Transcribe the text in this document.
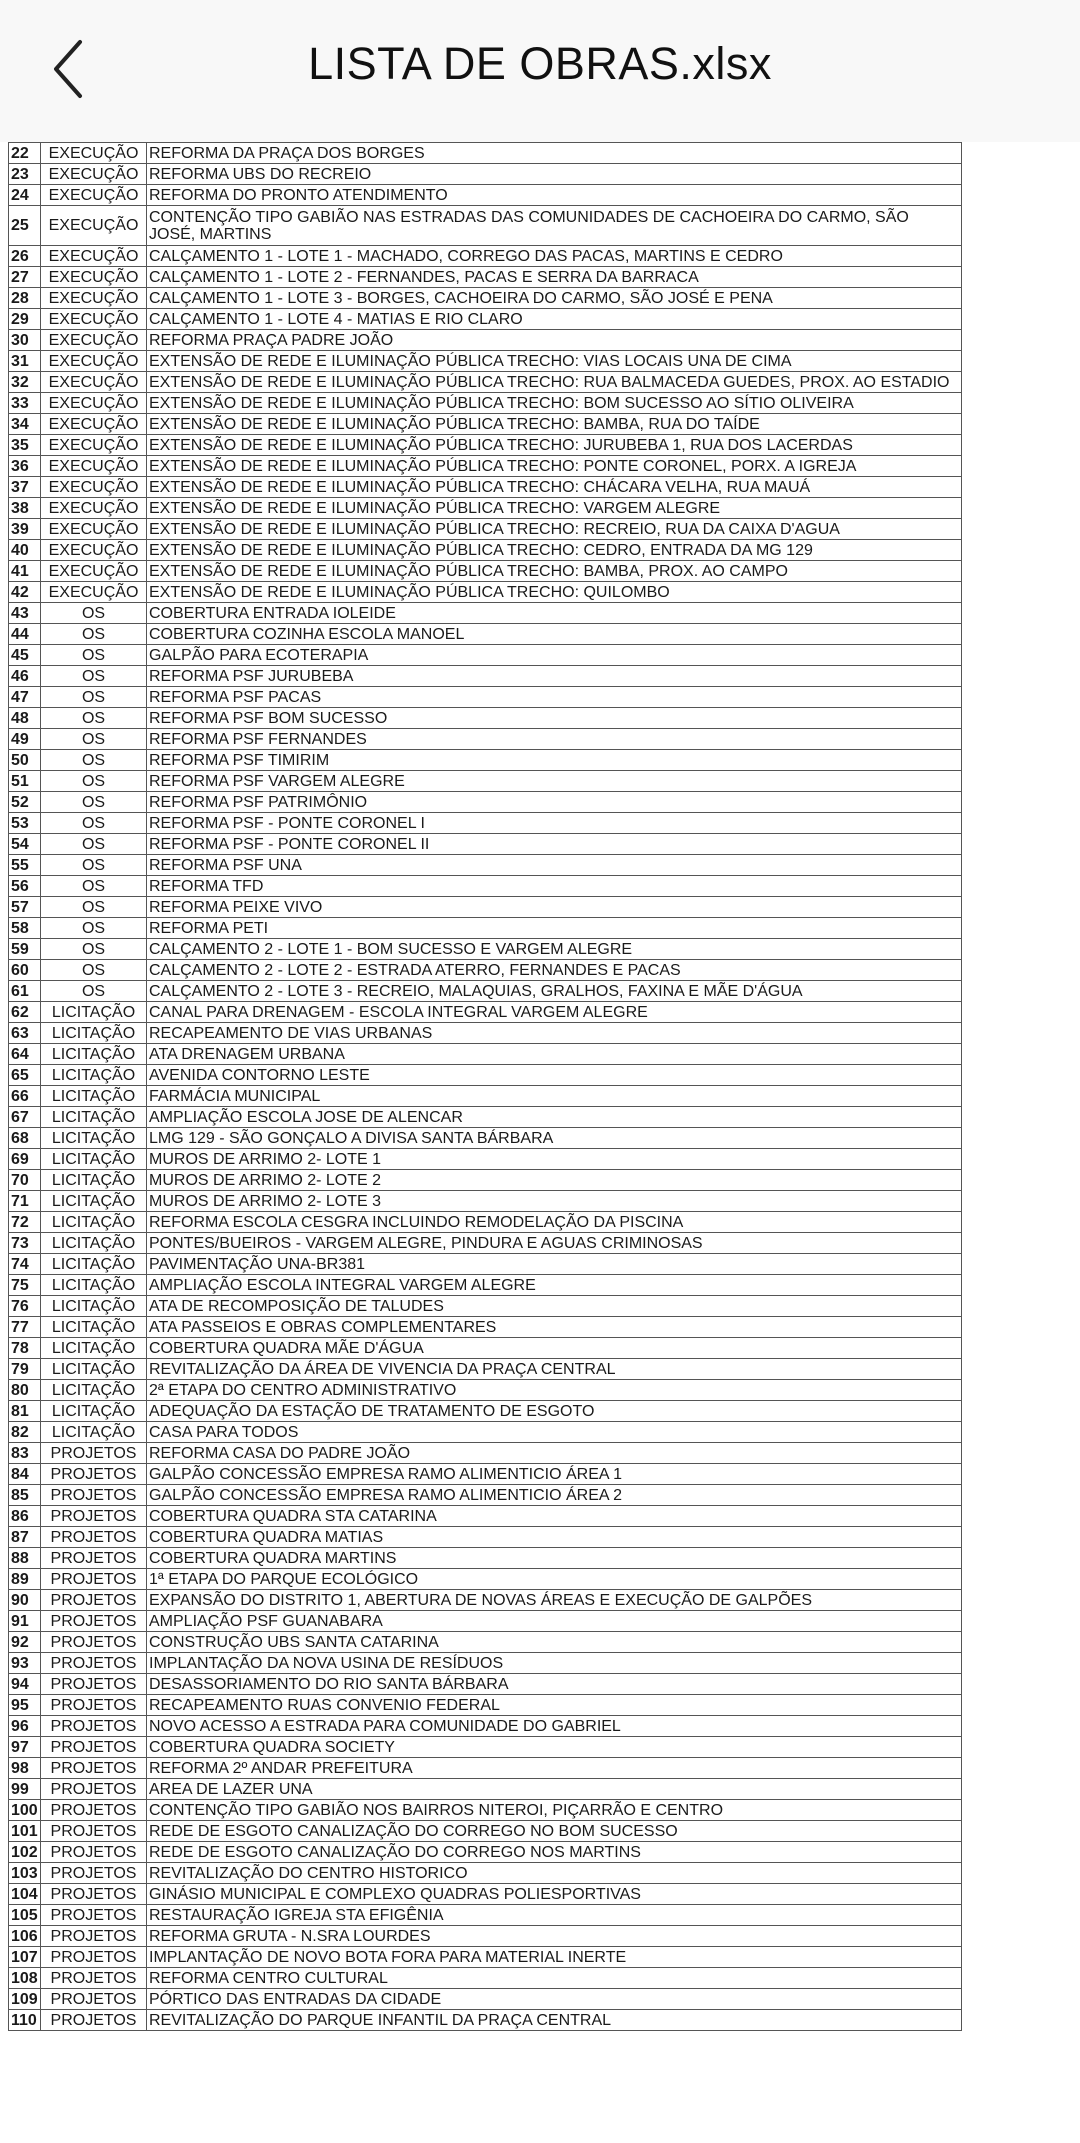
LISTA DE OBRAS.xlsx
22	EXECUÇÃO	REFORMA DA PRAÇA DOS BORGES
23	EXECUÇÃO	REFORMA UBS DO RECREIO
24	EXECUÇÃO	REFORMA DO PRONTO ATENDIMENTO
25	EXECUÇÃO	CONTENÇÃO TIPO GABIÃO NAS ESTRADAS DAS COMUNIDADES DE CACHOEIRA DO CARMO, SÃO JOSÉ, MARTINS
26	EXECUÇÃO	CALÇAMENTO 1 - LOTE 1 - MACHADO, CORREGO DAS PACAS, MARTINS E CEDRO
27	EXECUÇÃO	CALÇAMENTO 1 - LOTE 2 - FERNANDES, PACAS E SERRA DA BARRACA
28	EXECUÇÃO	CALÇAMENTO 1 - LOTE 3 - BORGES, CACHOEIRA DO CARMO, SÃO JOSÉ E PENA
29	EXECUÇÃO	CALÇAMENTO 1 - LOTE 4 - MATIAS E RIO CLARO
30	EXECUÇÃO	REFORMA PRAÇA PADRE JOÃO
31	EXECUÇÃO	EXTENSÃO DE REDE E ILUMINAÇÃO PÚBLICA TRECHO: VIAS LOCAIS UNA DE CIMA
32	EXECUÇÃO	EXTENSÃO DE REDE E ILUMINAÇÃO PÚBLICA TRECHO: RUA BALMACEDA GUEDES, PROX. AO ESTADIO
33	EXECUÇÃO	EXTENSÃO DE REDE E ILUMINAÇÃO PÚBLICA TRECHO: BOM SUCESSO AO SÍTIO OLIVEIRA
34	EXECUÇÃO	EXTENSÃO DE REDE E ILUMINAÇÃO PÚBLICA TRECHO: BAMBA, RUA DO TAÍDE
35	EXECUÇÃO	EXTENSÃO DE REDE E ILUMINAÇÃO PÚBLICA TRECHO: JURUBEBA 1, RUA DOS LACERDAS
36	EXECUÇÃO	EXTENSÃO DE REDE E ILUMINAÇÃO PÚBLICA TRECHO: PONTE CORONEL, PORX. A IGREJA
37	EXECUÇÃO	EXTENSÃO DE REDE E ILUMINAÇÃO PÚBLICA TRECHO: CHÁCARA VELHA, RUA MAUÁ
38	EXECUÇÃO	EXTENSÃO DE REDE E ILUMINAÇÃO PÚBLICA TRECHO: VARGEM ALEGRE
39	EXECUÇÃO	EXTENSÃO DE REDE E ILUMINAÇÃO PÚBLICA TRECHO: RECREIO, RUA DA CAIXA D'AGUA
40	EXECUÇÃO	EXTENSÃO DE REDE E ILUMINAÇÃO PÚBLICA TRECHO: CEDRO, ENTRADA DA MG 129
41	EXECUÇÃO	EXTENSÃO DE REDE E ILUMINAÇÃO PÚBLICA TRECHO: BAMBA, PROX. AO CAMPO
42	EXECUÇÃO	EXTENSÃO DE REDE E ILUMINAÇÃO PÚBLICA TRECHO: QUILOMBO
43	OS	COBERTURA ENTRADA IOLEIDE
44	OS	COBERTURA COZINHA ESCOLA MANOEL
45	OS	GALPÃO PARA ECOTERAPIA
46	OS	REFORMA PSF JURUBEBA
47	OS	REFORMA PSF PACAS
48	OS	REFORMA PSF BOM SUCESSO
49	OS	REFORMA PSF FERNANDES
50	OS	REFORMA PSF TIMIRIM
51	OS	REFORMA PSF VARGEM ALEGRE
52	OS	REFORMA PSF PATRIMÔNIO
53	OS	REFORMA PSF - PONTE CORONEL I
54	OS	REFORMA PSF - PONTE CORONEL II
55	OS	REFORMA PSF UNA
56	OS	REFORMA TFD
57	OS	REFORMA PEIXE VIVO
58	OS	REFORMA PETI
59	OS	CALÇAMENTO 2 - LOTE 1 - BOM SUCESSO E VARGEM ALEGRE
60	OS	CALÇAMENTO 2 - LOTE 2 - ESTRADA ATERRO, FERNANDES E PACAS
61	OS	CALÇAMENTO 2 - LOTE 3 - RECREIO, MALAQUIAS, GRALHOS, FAXINA E MÃE D'ÁGUA
62	LICITAÇÃO	CANAL PARA DRENAGEM - ESCOLA INTEGRAL VARGEM ALEGRE
63	LICITAÇÃO	RECAPEAMENTO DE VIAS URBANAS
64	LICITAÇÃO	ATA DRENAGEM URBANA
65	LICITAÇÃO	AVENIDA CONTORNO LESTE
66	LICITAÇÃO	FARMÁCIA MUNICIPAL
67	LICITAÇÃO	AMPLIAÇÃO ESCOLA JOSE DE ALENCAR
68	LICITAÇÃO	LMG 129 - SÃO GONÇALO A DIVISA SANTA BÁRBARA
69	LICITAÇÃO	MUROS DE ARRIMO 2- LOTE 1
70	LICITAÇÃO	MUROS DE ARRIMO 2- LOTE 2
71	LICITAÇÃO	MUROS DE ARRIMO 2- LOTE 3
72	LICITAÇÃO	REFORMA ESCOLA CESGRA INCLUINDO REMODELAÇÃO DA PISCINA
73	LICITAÇÃO	PONTES/BUEIROS - VARGEM ALEGRE, PINDURA E AGUAS CRIMINOSAS
74	LICITAÇÃO	PAVIMENTAÇÃO UNA-BR381
75	LICITAÇÃO	AMPLIAÇÃO ESCOLA INTEGRAL VARGEM ALEGRE
76	LICITAÇÃO	ATA DE RECOMPOSIÇÃO DE TALUDES
77	LICITAÇÃO	ATA PASSEIOS E OBRAS COMPLEMENTARES
78	LICITAÇÃO	COBERTURA QUADRA MÃE D'ÁGUA
79	LICITAÇÃO	REVITALIZAÇÃO DA ÁREA DE VIVENCIA DA PRAÇA CENTRAL
80	LICITAÇÃO	2ª ETAPA DO CENTRO ADMINISTRATIVO
81	LICITAÇÃO	ADEQUAÇÃO DA ESTAÇÃO DE TRATAMENTO DE ESGOTO
82	LICITAÇÃO	CASA PARA TODOS
83	PROJETOS	REFORMA CASA DO PADRE JOÃO
84	PROJETOS	GALPÃO CONCESSÃO EMPRESA RAMO ALIMENTICIO ÁREA 1
85	PROJETOS	GALPÃO CONCESSÃO EMPRESA RAMO ALIMENTICIO ÁREA 2
86	PROJETOS	COBERTURA QUADRA STA CATARINA
87	PROJETOS	COBERTURA QUADRA MATIAS
88	PROJETOS	COBERTURA QUADRA MARTINS
89	PROJETOS	1ª ETAPA DO PARQUE ECOLÓGICO
90	PROJETOS	EXPANSÃO DO DISTRITO 1, ABERTURA DE NOVAS ÁREAS E EXECUÇÃO DE GALPÕES
91	PROJETOS	AMPLIAÇÃO PSF GUANABARA
92	PROJETOS	CONSTRUÇÃO UBS SANTA CATARINA
93	PROJETOS	IMPLANTAÇÃO DA NOVA USINA DE RESÍDUOS
94	PROJETOS	DESASSORIAMENTO DO RIO SANTA BÁRBARA
95	PROJETOS	RECAPEAMENTO RUAS CONVENIO FEDERAL
96	PROJETOS	NOVO ACESSO A ESTRADA PARA COMUNIDADE DO GABRIEL
97	PROJETOS	COBERTURA QUADRA SOCIETY
98	PROJETOS	REFORMA 2º ANDAR PREFEITURA
99	PROJETOS	AREA DE LAZER UNA
100	PROJETOS	CONTENÇÃO TIPO GABIÃO NOS BAIRROS NITEROI, PIÇARRÃO E CENTRO
101	PROJETOS	REDE DE ESGOTO CANALIZAÇÃO DO CORREGO NO BOM SUCESSO
102	PROJETOS	REDE DE ESGOTO CANALIZAÇÃO DO CORREGO NOS MARTINS
103	PROJETOS	REVITALIZAÇÃO DO CENTRO HISTORICO
104	PROJETOS	GINÁSIO MUNICIPAL E COMPLEXO QUADRAS POLIESPORTIVAS
105	PROJETOS	RESTAURAÇÃO IGREJA STA EFIGÊNIA
106	PROJETOS	REFORMA GRUTA - N.SRA LOURDES
107	PROJETOS	IMPLANTAÇÃO DE NOVO BOTA FORA PARA MATERIAL INERTE
108	PROJETOS	REFORMA CENTRO CULTURAL
109	PROJETOS	PÓRTICO DAS ENTRADAS DA CIDADE
110	PROJETOS	REVITALIZAÇÃO DO PARQUE INFANTIL DA PRAÇA CENTRAL
